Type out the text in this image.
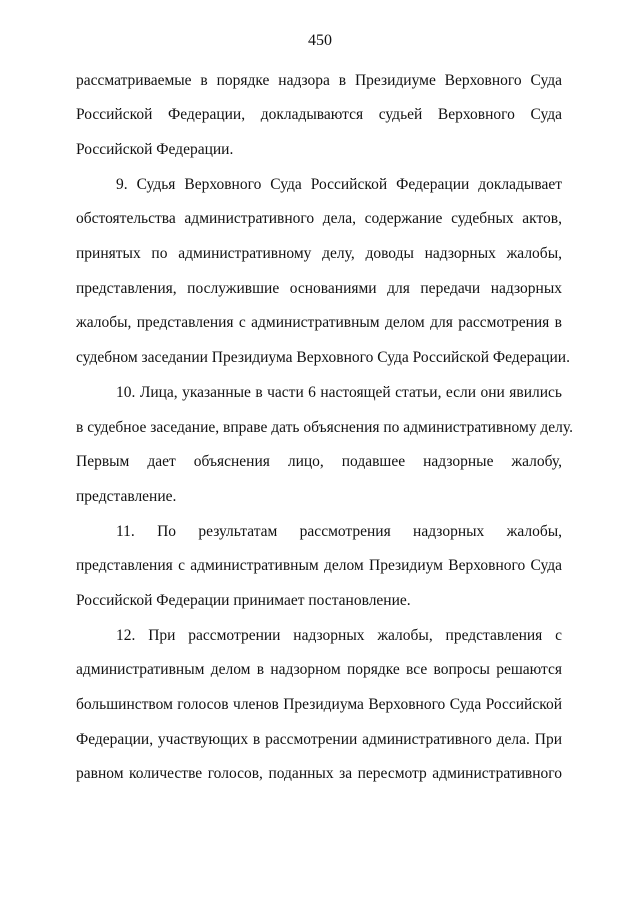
450
рассматриваемые в порядке надзора в Президиуме Верховного Суда
Российской Федерации, докладываются судьей Верховного Суда
Российской Федерации.
9. Судья Верховного Суда Российской Федерации докладывает
обстоятельства административного дела, содержание судебных актов,
принятых по административному делу, доводы надзорных жалобы,
представления, послужившие основаниями для передачи надзорных
жалобы, представления с административным делом для рассмотрения в
судебном заседании Президиума Верховного Суда Российской Федерации.
10. Лица, указанные в части 6 настоящей статьи, если они явились
в судебное заседание, вправе дать объяснения по административному делу.
Первым дает объяснения лицо, подавшее надзорные жалобу,
представление.
11. По результатам рассмотрения надзорных жалобы,
представления с административным делом Президиум Верховного Суда
Российской Федерации принимает постановление.
12. При рассмотрении надзорных жалобы, представления с
административным делом в надзорном порядке все вопросы решаются
большинством голосов членов Президиума Верховного Суда Российской
Федерации, участвующих в рассмотрении административного дела. При
равном количестве голосов, поданных за пересмотр административного
